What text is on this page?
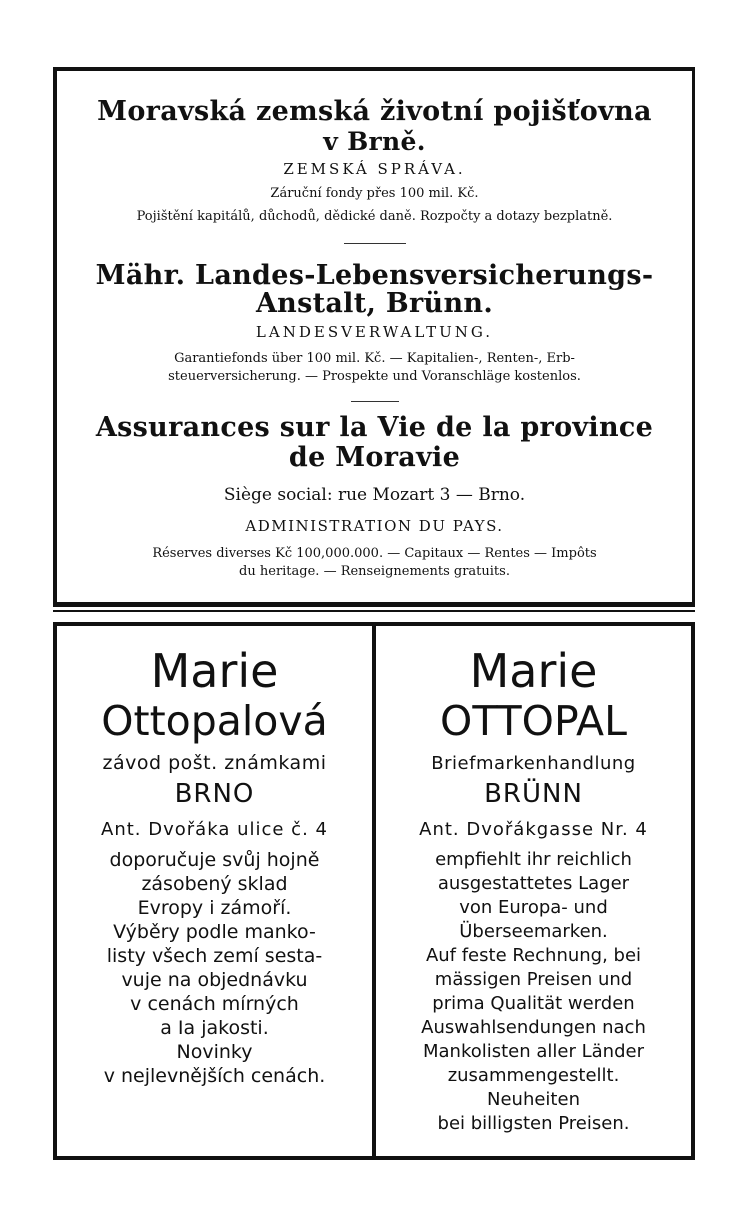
Moravská zemská životní pojišťovna
v Brně.
ZEMSKÁ SPRÁVA.
Záruční fondy přes 100 mil. Kč.
Pojištění kapitálů, důchodů, dědické daně. Rozpočty a dotazy bezplatně.
Mähr. Landes-Lebensversicherungs-
Anstalt, Brünn.
LANDESVERWALTUNG.
Garantiefonds über 100 mil. Kč. — Kapitalien-, Renten-, Erb-
steuerversicherung. — Prospekte und Voranschläge kostenlos.
Assurances sur la Vie de la province
de Moravie
Siège social: rue Mozart 3 — Brno.
ADMINISTRATION DU PAYS.
Réserves diverses Kč 100,000.000. — Capitaux — Rentes — Impôts
du heritage. — Renseignements gratuits.
Marie
Ottopalová
závod pošt. známkami
BRNO
Ant. Dvořáka ulice č. 4
doporučuje svůj hojně
zásobený sklad
Evropy i zámoří.
Výběry podle manko-
listy všech zemí sesta-
vuje na objednávku
v cenách mírných
a Ia jakosti.
Novinky
v nejlevnějších cenách.
Marie
OTTOPAL
Briefmarkenhandlung
BRÜNN
Ant. Dvořákgasse Nr. 4
empfiehlt ihr reichlich
ausgestattetes Lager
von Europa- und
Überseemarken.
Auf feste Rechnung, bei
mässigen Preisen und
prima Qualität werden
Auswahlsendungen nach
Mankolisten aller Länder
zusammengestellt.
Neuheiten
bei billigsten Preisen.
